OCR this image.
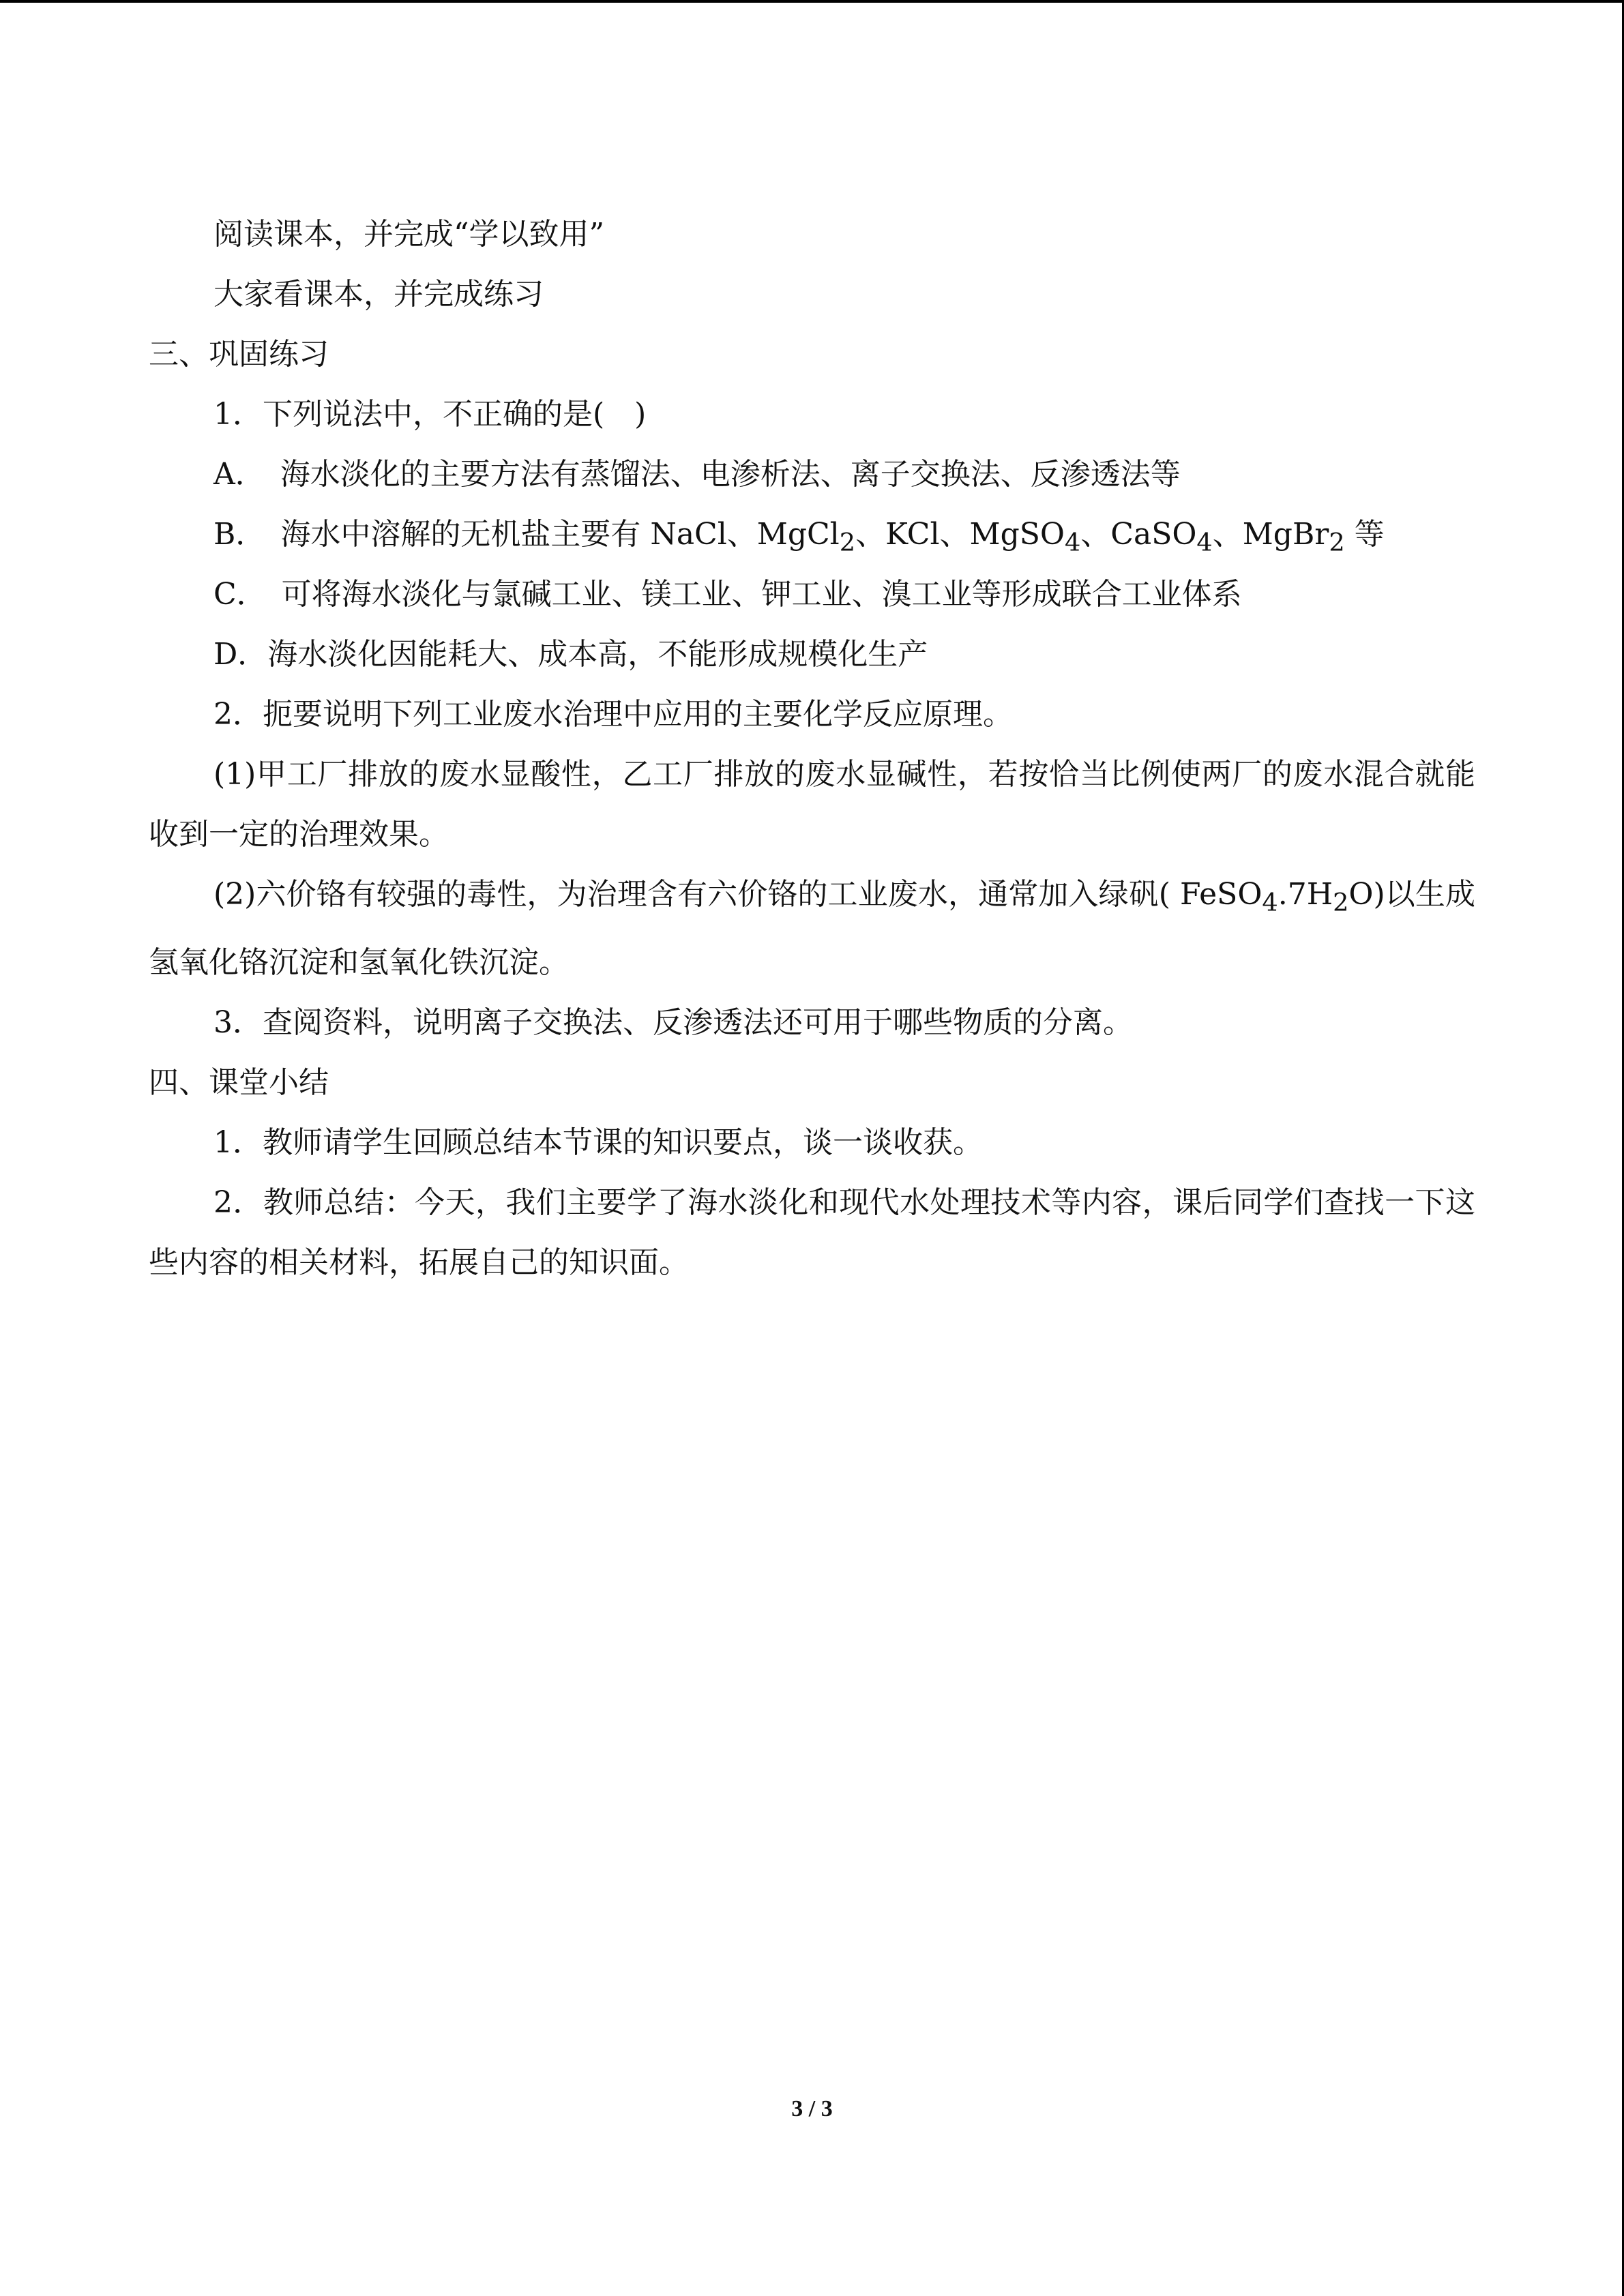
阅读课本，并完成“学以致用”
大家看课本，并完成练习
三、巩固练习
1．下列说法中，不正确的是(　)
A． 海水淡化的主要方法有蒸馏法、电渗析法、离子交换法、反渗透法等
B． 海水中溶解的无机盐主要有 NaCl、MgCl$_2$、KCl、MgSO$_4$、CaSO$_4$、MgBr$_2$ 等
C． 可将海水淡化与氯碱工业、镁工业、钾工业、溴工业等形成联合工业体系
D．海水淡化因能耗大、成本高，不能形成规模化生产
2．扼要说明下列工业废水治理中应用的主要化学反应原理。
(1)甲工厂排放的废水显酸性，乙工厂排放的废水显碱性，若按恰当比例使两厂的废水混合就能收到一定的治理效果。
(2)六价铬有较强的毒性，为治理含有六价铬的工业废水，通常加入绿矾( $FeSO_4.7H_2O$)以生成氢氧化铬沉淀和氢氧化铁沉淀。
3．查阅资料，说明离子交换法、反渗透法还可用于哪些物质的分离。
四、课堂小结
1．教师请学生回顾总结本节课的知识要点，谈一谈收获。
2．教师总结：今天，我们主要学了海水淡化和现代水处理技术等内容，课后同学们查找一下这些内容的相关材料，拓展自己的知识面。
3 / 3
